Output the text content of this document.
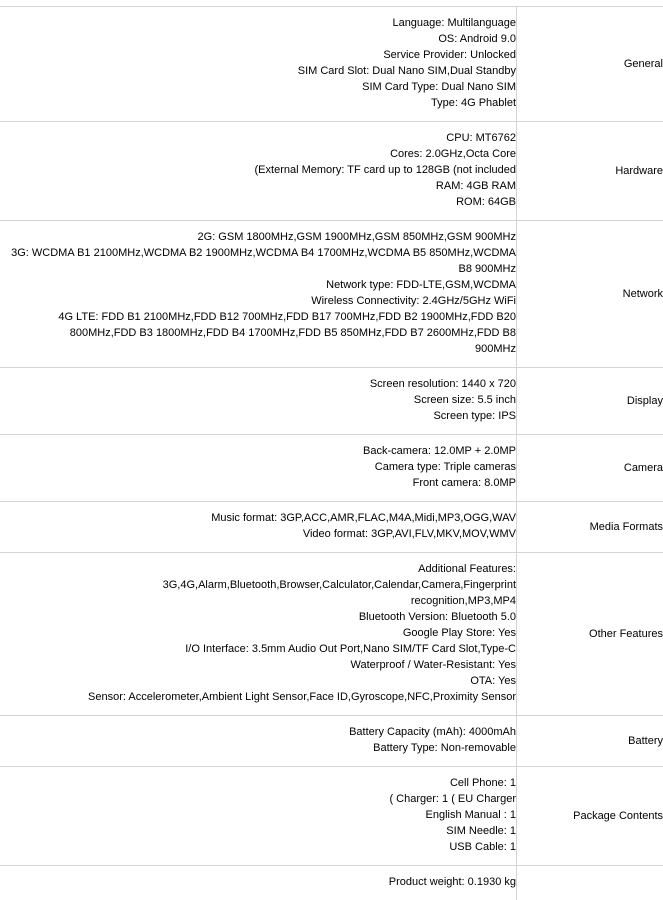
Language: Multilanguage
OS: Android 9.0
Service Provider: Unlocked
SIM Card Slot: Dual Nano SIM,Dual Standby
SIM Card Type: Dual Nano SIM
Type: 4G Phablet
General
CPU: MT6762
Cores: 2.0GHz,Octa Core
(External Memory: TF card up to 128GB (not included
RAM: 4GB RAM
ROM: 64GB
Hardware
2G: GSM 1800MHz,GSM 1900MHz,GSM 850MHz,GSM 900MHz
3G: WCDMA B1 2100MHz,WCDMA B2 1900MHz,WCDMA B4 1700MHz,WCDMA B5 850MHz,WCDMA B8 900MHz
Network type: FDD-LTE,GSM,WCDMA
Wireless Connectivity: 2.4GHz/5GHz WiFi
4G LTE: FDD B1 2100MHz,FDD B12 700MHz,FDD B17 700MHz,FDD B2 1900MHz,FDD B20 800MHz,FDD B3 1800MHz,FDD B4 1700MHz,FDD B5 850MHz,FDD B7 2600MHz,FDD B8 900MHz
Network
Screen resolution: 1440 x 720
Screen size: 5.5 inch
Screen type: IPS
Display
Back-camera: 12.0MP + 2.0MP
Camera type: Triple cameras
Front camera: 8.0MP
Camera
Music format: 3GP,ACC,AMR,FLAC,M4A,Midi,MP3,OGG,WAV
Video format: 3GP,AVI,FLV,MKV,MOV,WMV
Media Formats
Additional Features: 3G,4G,Alarm,Bluetooth,Browser,Calculator,Calendar,Camera,Fingerprint recognition,MP3,MP4
Bluetooth Version: Bluetooth 5.0
Google Play Store: Yes
I/O Interface: 3.5mm Audio Out Port,Nano SIM/TF Card Slot,Type-C
Waterproof / Water-Resistant: Yes
OTA: Yes
Sensor: Accelerometer,Ambient Light Sensor,Face ID,Gyroscope,NFC,Proximity Sensor
Other Features
Battery Capacity (mAh): 4000mAh
Battery Type: Non-removable
Battery
Cell Phone: 1
( Charger: 1 ( EU Charger
English Manual : 1
SIM Needle: 1
USB Cable: 1
Package Contents
Product weight: 0.1930 kg
